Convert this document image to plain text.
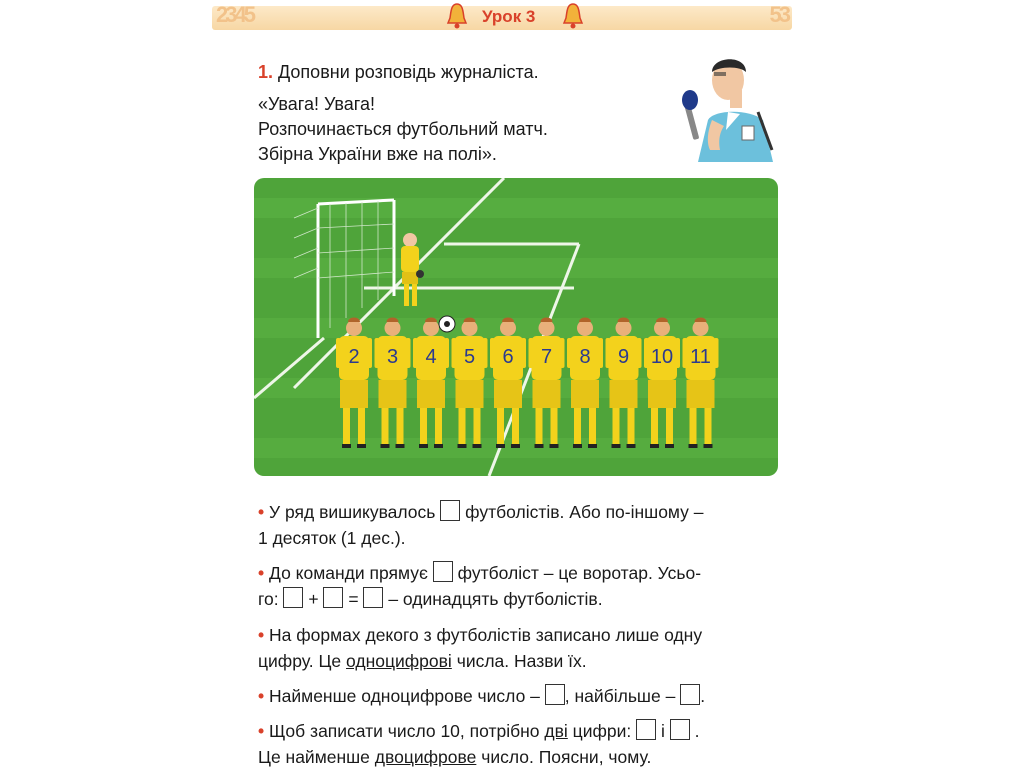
2345	53
Урок 3
1. Доповни розповідь журналіста.
«Увага! Увага!
Розпочинається футбольний матч.
Збірна України вже на полі».
2 3 4 5 6 7 8 9 10 11
• У ряд вишикувалось футболістів. Або по-іншому –
1 десяток (1 дес.).
• До команди прямує футболіст – це воротар. Усьо-
го: + = – одинадцять футболістів.
• На формах декого з футболістів записано лише одну
цифру. Це одноцифрові числа. Назви їх.
• Найменше одноцифрове число – , найбільше – .
• Щоб записати число 10, потрібно дві цифри: і .
Це найменше двоцифрове число. Поясни, чому.
